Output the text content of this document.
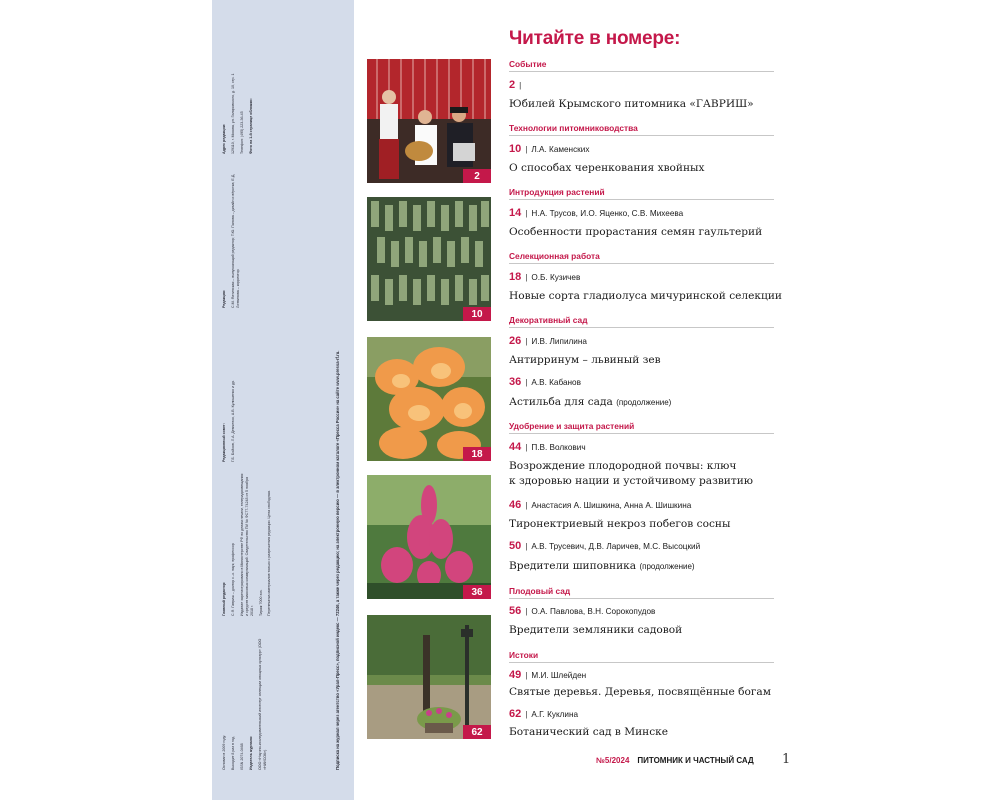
Основан в 2009 году. Выходит 8 раз в год. ISSN 2074-0468 Издатель журнала: ООО «Научно-исследовательский институт селекции овощных культур» (ООО «НИИСОК»)

Главный редактор: С.Ф. Гавриш – доктор с.-х. наук, профессор Издание зарегистрировано в Министерстве РФ по делам печати, телерадиовещания и средств массовых коммуникаций. Свидетельство ПИ № ФС77-74248 от 5 ноября 2018 г. Тираж 7000 экз. Перепечатка материалов только с разрешения редакции. Цена свободная.

Редакционный совет: Г.Б. Бойков, Л.А. Демченко, А.В. Кулишенко и др.

Редакция: С.М. Ялтинская – выпускающий редактор; Т.Ю. Панова – дизайн и вёрстка; Е.Д. Литвинова – корректор

Адрес редакции: 129110, г. Москва, ул. Гиляровского, д. 10, стр. 1 Телефон: (495) 223-36-45 Фото на 1-й странице обложки:

Подписка на журнал через агентство «Урал-Пресс», подписной индекс — 72246, а также через редакцию; на электронную версию — в электронном каталоге «Пресса России» на сайте www.pressa-rf.ru.
2
10
18
36
62
Читайте в номере:
Событие
2 |
Юбилей Крымского питомника «ГАВРИШ»
Технологии питомниководства
10 | Л.А. Каменских
О способах черенкования хвойных
Интродукция растений
14 | Н.А. Трусов, И.О. Яценко, С.В. Михеева
Особенности прорастания семян гаультерий
Селекционная работа
18 | О.Б. Кузичев
Новые сорта гладиолуса мичуринской селекции
Декоративный сад
26 | И.В. Липилина
Антирринум – львиный зев
36 | А.В. Кабанов
Астильба для сада (продолжение)
Удобрение и защита растений
44 | П.В. Волкович
Возрождение плодородной почвы: ключ
к здоровью нации и устойчивому развитию
46 | Анастасия А. Шишкина, Анна А. Шишкина
Тиронектриевый некроз побегов сосны
50 | А.В. Трусевич, Д.В. Ларичев, М.С. Высоцкий
Вредители шиповника (продолжение)
Плодовый сад
56 | О.А. Павлова, В.Н. Сорокопудов
Вредители земляники садовой
Истоки
49 | М.И. Шлейден
Святые деревья. Деревья, посвящённые богам
62 | А.Г. Куклина
Ботанический сад в Минске
№5/2024 ПИТОМНИК И ЧАСТНЫЙ САД 1
